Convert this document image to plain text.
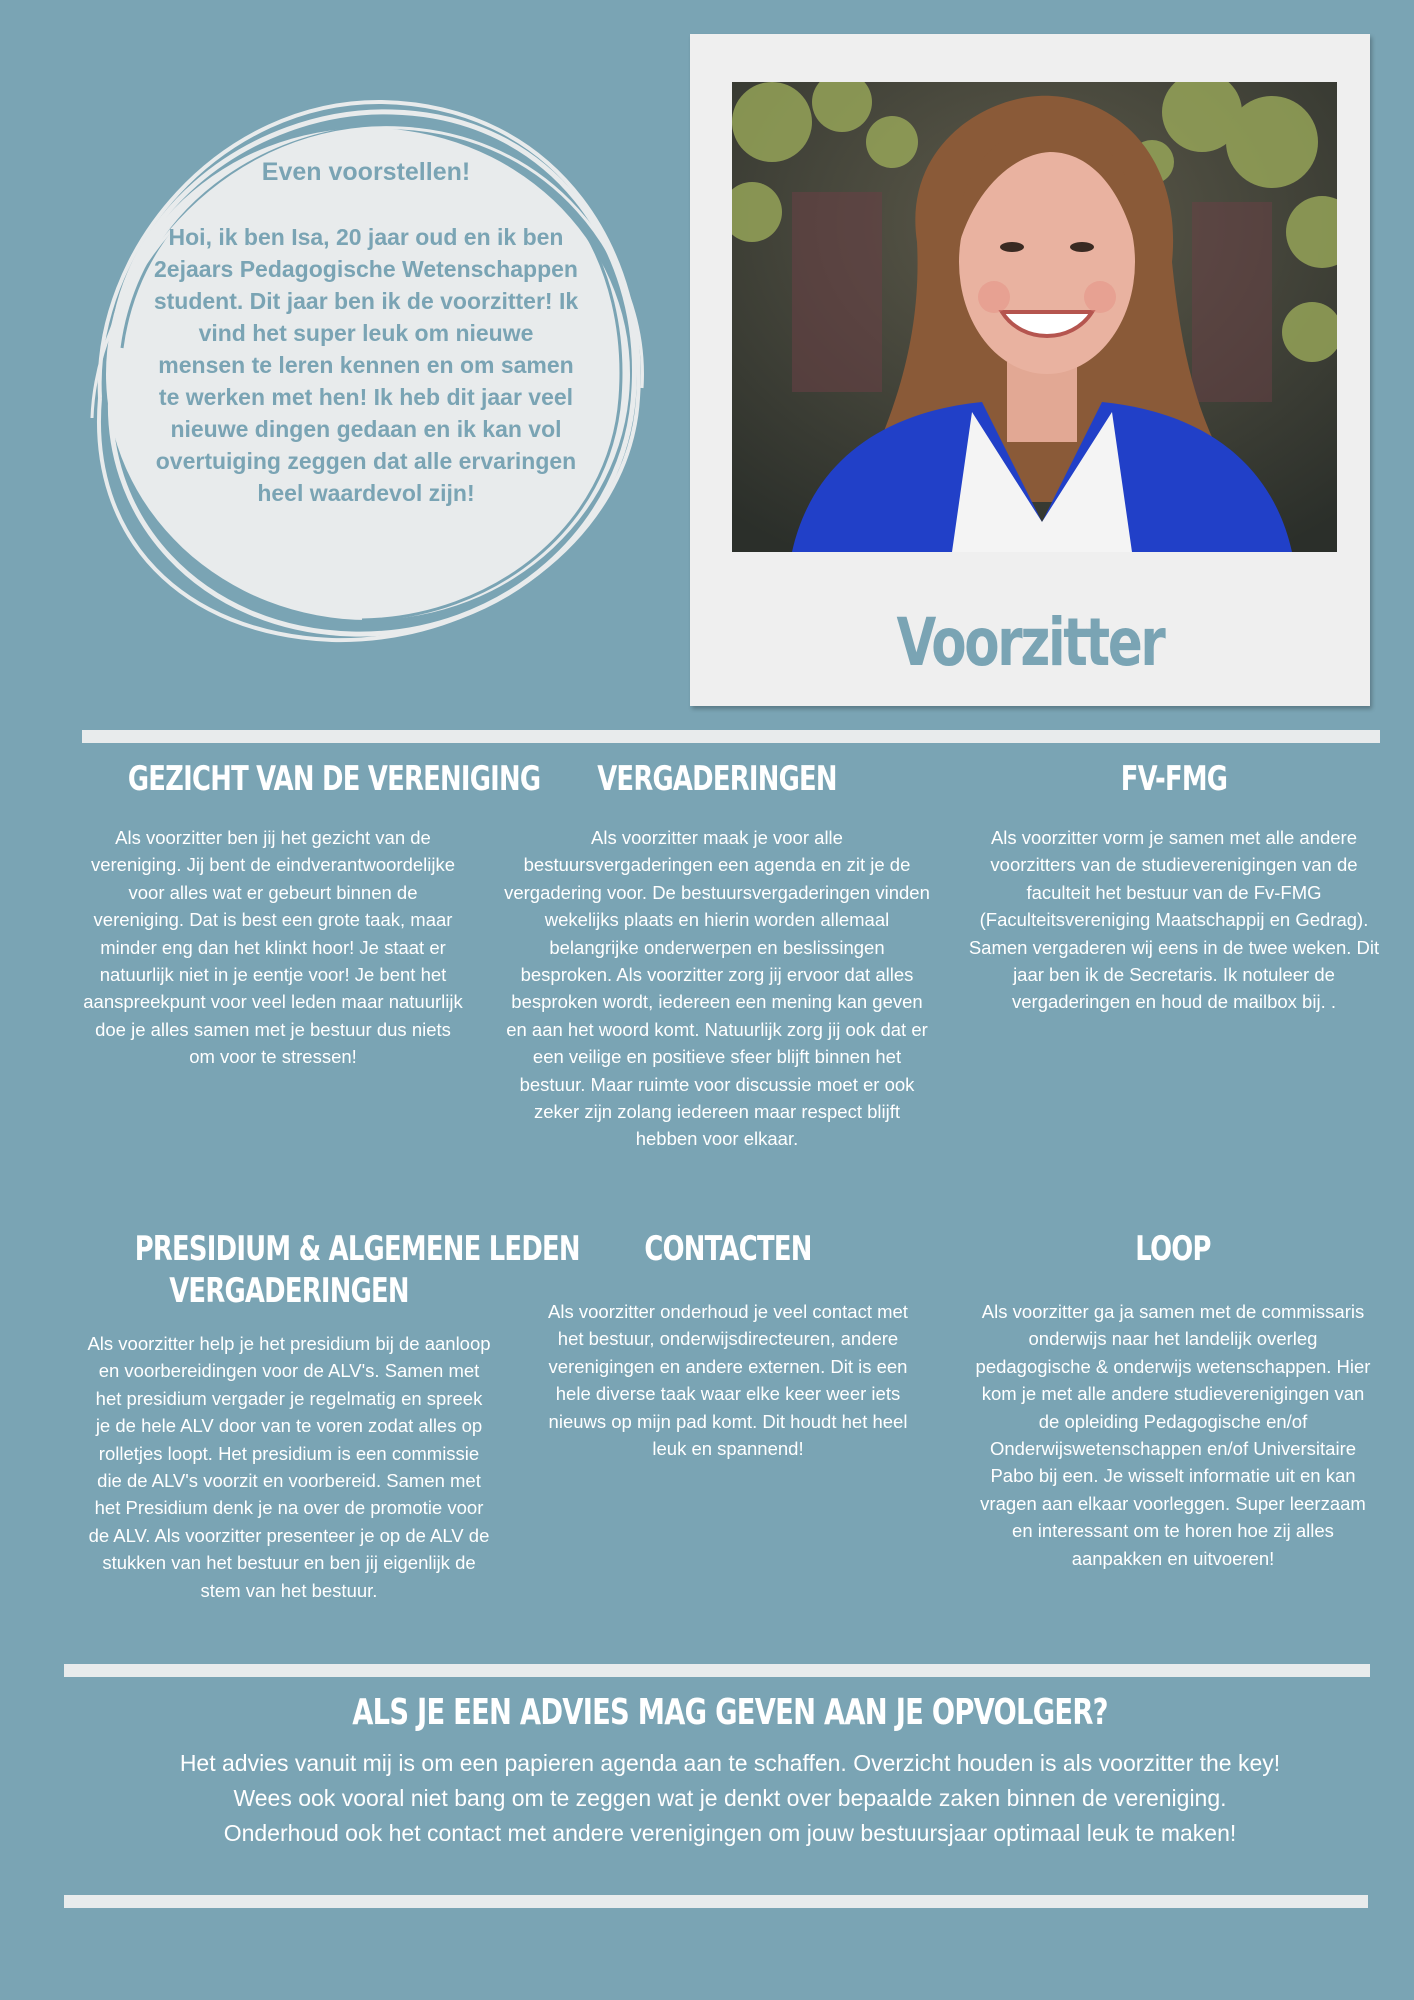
Even voorstellen!
Hoi, ik ben Isa, 20 jaar oud en ik ben 2ejaars Pedagogische Wetenschappen student. Dit jaar ben ik de voorzitter! Ik vind het super leuk om nieuwe mensen te leren kennen en om samen te werken met hen! Ik heb dit jaar veel nieuwe dingen gedaan en ik kan vol overtuiging zeggen dat alle ervaringen heel waardevol zijn!
Voorzitter
GEZICHT VAN DE VERENIGING

Als voorzitter ben jij het gezicht van de vereniging. Jij bent de eindverantwoordelijke voor alles wat er gebeurt binnen de vereniging. Dat is best een grote taak, maar minder eng dan het klinkt hoor! Je staat er natuurlijk niet in je eentje voor! Je bent het aanspreekpunt voor veel leden maar natuurlijk doe je alles samen met je bestuur dus niets om voor te stressen!

VERGADERINGEN

Als voorzitter maak je voor alle bestuursvergaderingen een agenda en zit je de vergadering voor. De bestuursvergaderingen vinden wekelijks plaats en hierin worden allemaal belangrijke onderwerpen en beslissingen besproken. Als voorzitter zorg jij ervoor dat alles besproken wordt, iedereen een mening kan geven en aan het woord komt. Natuurlijk zorg jij ook dat er een veilige en positieve sfeer blijft binnen het bestuur. Maar ruimte voor discussie moet er ook zeker zijn zolang iedereen maar respect blijft hebben voor elkaar.

FV-FMG

Als voorzitter vorm je samen met alle andere voorzitters van de studieverenigingen van de faculteit het bestuur van de Fv-FMG (Faculteitsvereniging Maatschappij en Gedrag). Samen vergaderen wij eens in de twee weken. Dit jaar ben ik de Secretaris. Ik notuleer de vergaderingen en houd de mailbox bij. .

PRESIDIUM & ALGEMENE LEDEN
VERGADERINGEN

Als voorzitter help je het presidium bij de aanloop en voorbereidingen voor de ALV's. Samen met het presidium vergader je regelmatig en spreek je de hele ALV door van te voren zodat alles op rolletjes loopt. Het presidium is een commissie die de ALV's voorzit en voorbereid. Samen met het Presidium denk je na over de promotie voor de ALV. Als voorzitter presenteer je op de ALV de stukken van het bestuur en ben jij eigenlijk de stem van het bestuur.

CONTACTEN

Als voorzitter onderhoud je veel contact met het bestuur, onderwijsdirecteuren, andere verenigingen en andere externen. Dit is een hele diverse taak waar elke keer weer iets nieuws op mijn pad komt. Dit houdt het heel leuk en spannend!

LOOP

Als voorzitter ga ja samen met de commissaris onderwijs naar het landelijk overleg pedagogische & onderwijs wetenschappen. Hier kom je met alle andere studieverenigingen van de opleiding Pedagogische en/of Onderwijswetenschappen en/of Universitaire Pabo bij een. Je wisselt informatie uit en kan vragen aan elkaar voorleggen. Super leerzaam en interessant om te horen hoe zij alles aanpakken en uitvoeren!

ALS JE EEN ADVIES MAG GEVEN AAN JE OPVOLGER?
Het advies vanuit mij is om een papieren agenda aan te schaffen. Overzicht houden is als voorzitter the key!
Wees ook vooral niet bang om te zeggen wat je denkt over bepaalde zaken binnen de vereniging.
Onderhoud ook het contact met andere verenigingen om jouw bestuursjaar optimaal leuk te maken!
